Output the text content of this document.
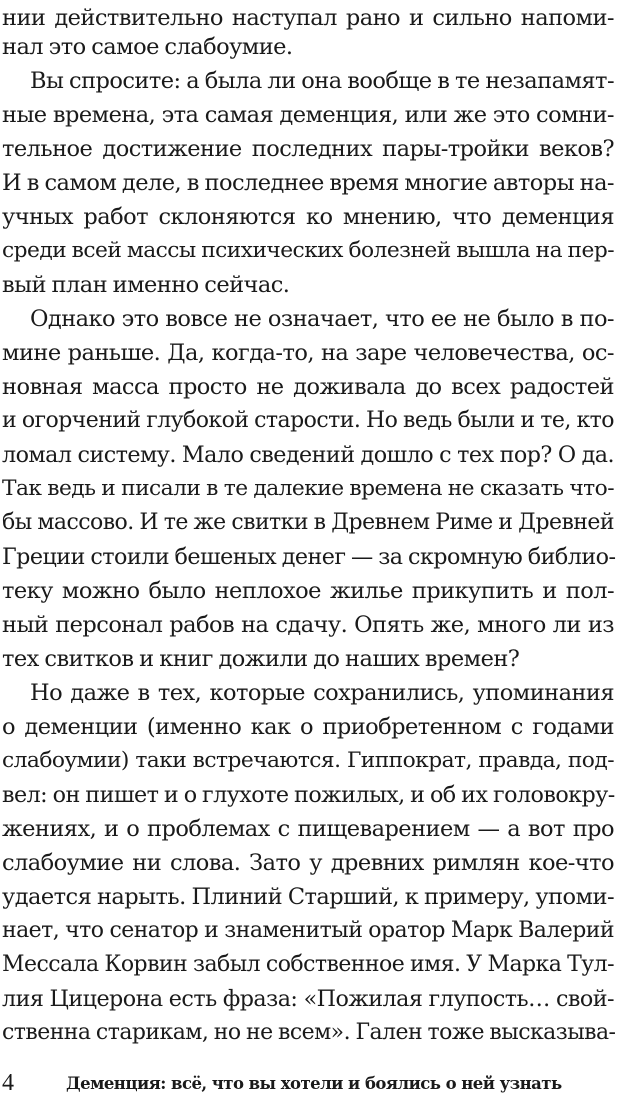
нии действительно наступал рано и сильно напоми-
нал это самое слабоумие.
Вы спросите: а была ли она вообще в те незапамят-
ные времена, эта самая деменция, или же это сомни-
тельное достижение последних пары-тройки веков?
И в самом деле, в последнее время многие авторы на-
учных работ склоняются ко мнению, что деменция
среди всей массы психических болезней вышла на пер-
вый план именно сейчас.
Однако это вовсе не означает, что ее не было в по-
мине раньше. Да, когда-то, на заре человечества, ос-
новная масса просто не доживала до всех радостей
и огорчений глубокой старости. Но ведь были и те, кто
ломал систему. Мало сведений дошло с тех пор? О да.
Так ведь и писали в те далекие времена не сказать что-
бы массово. И те же свитки в Древнем Риме и Древней
Греции стоили бешеных денег — за скромную библио-
теку можно было неплохое жилье прикупить и пол-
ный персонал рабов на сдачу. Опять же, много ли из
тех свитков и книг дожили до наших времен?
Но даже в тех, которые сохранились, упоминания
о деменции (именно как о приобретенном с годами
слабоумии) таки встречаются. Гиппократ, правда, под-
вел: он пишет и о глухоте пожилых, и об их головокру-
жениях, и о проблемах с пищеварением — а вот про
слабоумие ни слова. Зато у древних римлян кое-что
удается нарыть. Плиний Старший, к примеру, упоми-
нает, что сенатор и знаменитый оратор Марк Валерий
Мессала Корвин забыл собственное имя. У Марка Тул-
лия Цицерона есть фраза: «Пожилая глупость… свой-
ственна старикам, но не всем». Гален тоже высказыва-
4	Деменция: всё, что вы хотели и боялись о ней узнать
